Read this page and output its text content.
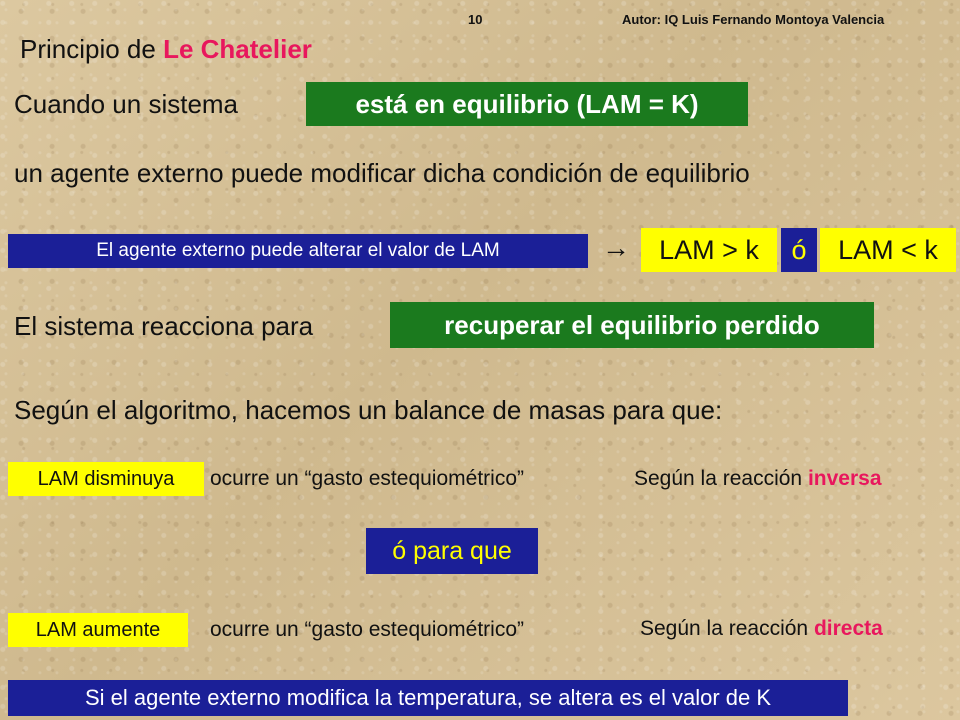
10	Autor: IQ Luis Fernando Montoya Valencia
Principio de Le Chatelier
Cuando un sistema	está en equilibrio (LAM = K)
un agente externo puede modificar dicha condición de equilibrio
El agente externo puede alterar el valor de LAM	→	LAM > k	ó	LAM < k
El sistema reacciona para	recuperar el equilibrio perdido
Según el algoritmo, hacemos un balance de masas para que:
LAM disminuya	ocurre un “gasto estequiométrico”	Según la reacción inversa
ó para que
LAM aumente	ocurre un “gasto estequiométrico”	Según la reacción directa
Si el agente externo modifica la temperatura, se altera es el valor de K
